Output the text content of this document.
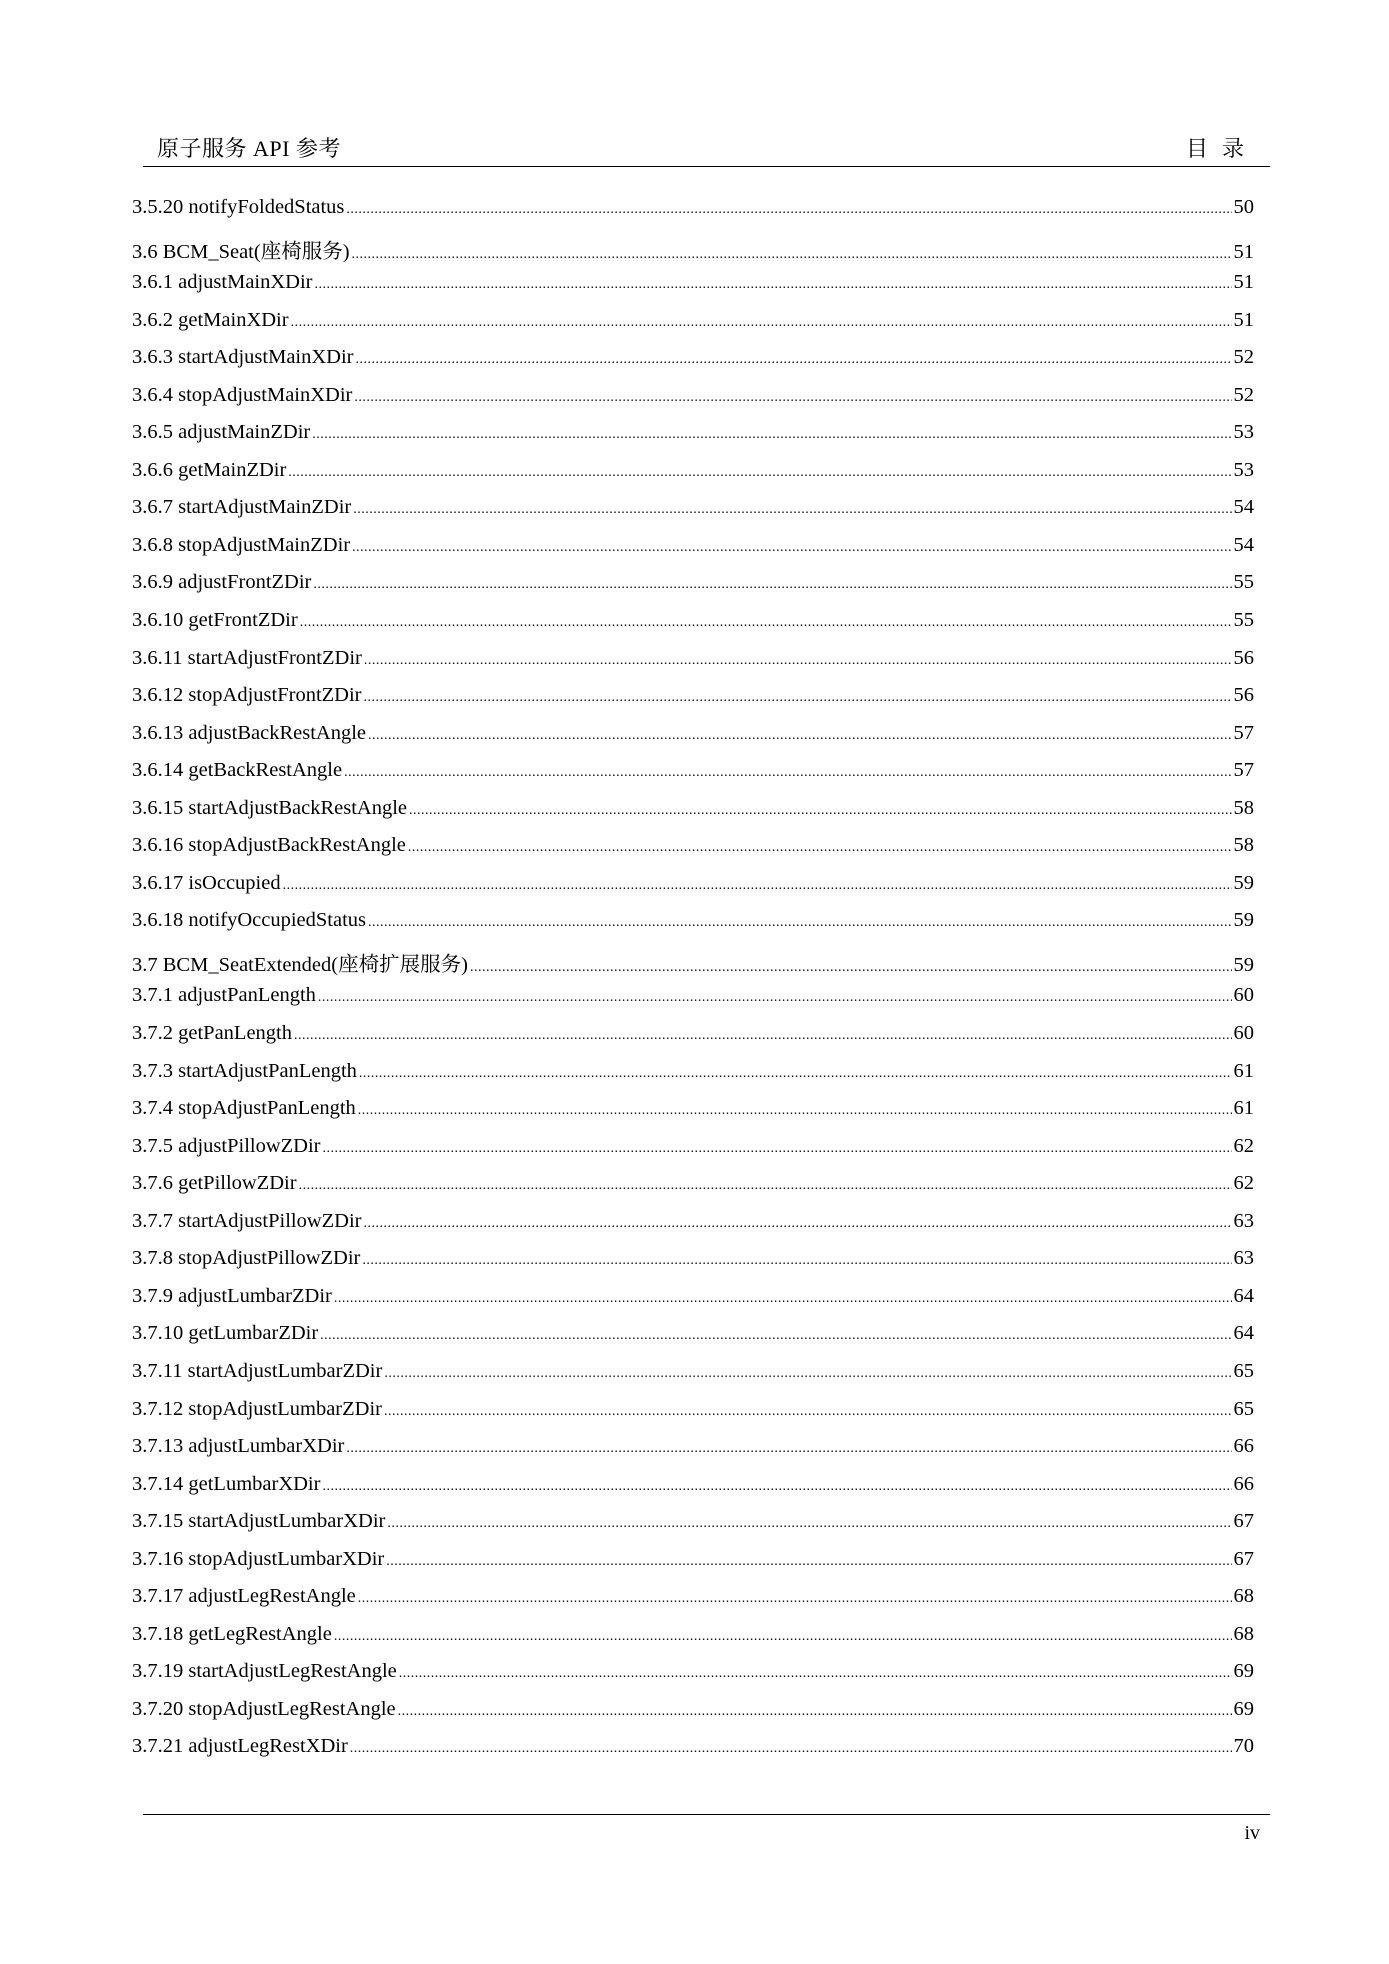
原子服务 API 参考	目录
3.5.20 notifyFoldedStatus .....	50
3.6 BCM_Seat(座椅服务) .....	51
3.6.1 adjustMainXDir .....	51
3.6.2 getMainXDir .....	51
3.6.3 startAdjustMainXDir .....	52
3.6.4 stopAdjustMainXDir .....	52
3.6.5 adjustMainZDir .....	53
3.6.6 getMainZDir .....	53
3.6.7 startAdjustMainZDir .....	54
3.6.8 stopAdjustMainZDir .....	54
3.6.9 adjustFrontZDir .....	55
3.6.10 getFrontZDir .....	55
3.6.11 startAdjustFrontZDir .....	56
3.6.12 stopAdjustFrontZDir .....	56
3.6.13 adjustBackRestAngle .....	57
3.6.14 getBackRestAngle .....	57
3.6.15 startAdjustBackRestAngle .....	58
3.6.16 stopAdjustBackRestAngle .....	58
3.6.17 isOccupied .....	59
3.6.18 notifyOccupiedStatus .....	59
3.7 BCM_SeatExtended(座椅扩展服务) .....	59
3.7.1 adjustPanLength .....	60
3.7.2 getPanLength .....	60
3.7.3 startAdjustPanLength .....	61
3.7.4 stopAdjustPanLength .....	61
3.7.5 adjustPillowZDir .....	62
3.7.6 getPillowZDir .....	62
3.7.7 startAdjustPillowZDir .....	63
3.7.8 stopAdjustPillowZDir .....	63
3.7.9 adjustLumbarZDir .....	64
3.7.10 getLumbarZDir .....	64
3.7.11 startAdjustLumbarZDir .....	65
3.7.12 stopAdjustLumbarZDir .....	65
3.7.13 adjustLumbarXDir .....	66
3.7.14 getLumbarXDir .....	66
3.7.15 startAdjustLumbarXDir .....	67
3.7.16 stopAdjustLumbarXDir .....	67
3.7.17 adjustLegRestAngle .....	68
3.7.18 getLegRestAngle .....	68
3.7.19 startAdjustLegRestAngle .....	69
3.7.20 stopAdjustLegRestAngle .....	69
3.7.21 adjustLegRestXDir .....	70
iv
